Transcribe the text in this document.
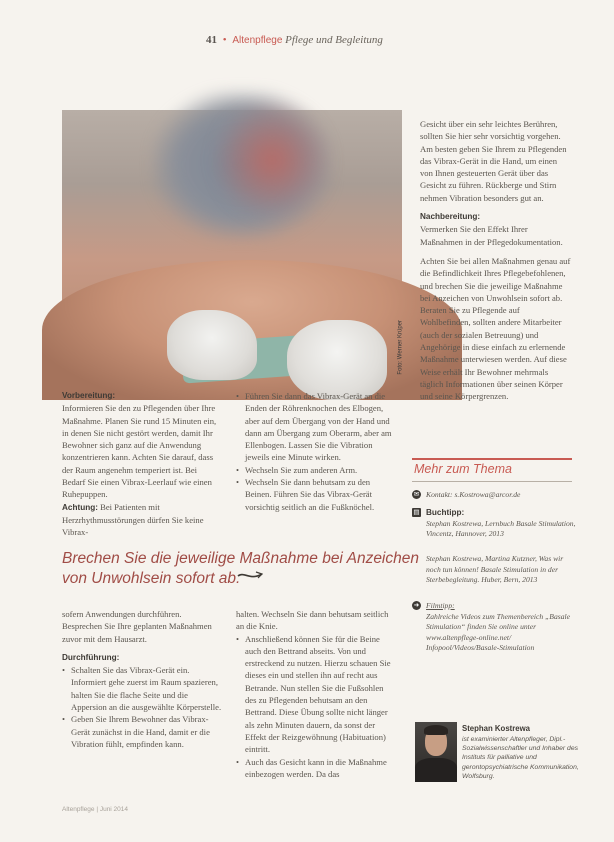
41 • Altenpflege Pflege und Begleitung
Foto: Werner Krüper

Gesicht über ein sehr leichtes Berühren, sollten Sie hier sehr vorsichtig vorgehen. Am besten geben Sie Ihrem zu Pflegenden das Vibrax-Gerät in die Hand, um einen von Ihnen gesteuerten Gerät über das Gesicht zu führen. Rückberge und Stirn nehmen Vibration besonders gut an.

Nachbereitung:

Vermerken Sie den Effekt Ihrer Maßnahmen in der Pflegedokumentation.

Achten Sie bei allen Maßnahmen genau auf die Befindlichkeit Ihres Pflegebefohlenen, und brechen Sie die jeweilige Maßnahme bei Anzeichen von Unwohlsein sofort ab. Beraten Sie zu Pflegende auf Wohlbefinden, sollten andere Mitarbeiter (auch der sozialen Betreuung) und Angehörige in diese einfach zu erlernende Maßnahme unterwiesen werden. Auf diese Weise erhält Ihr Bewohner mehrmals täglich Informationen über seinen Körper und seine Körpergrenzen.

Vorbereitung:

Informieren Sie den zu Pflegenden über Ihre Maßnahme. Planen Sie rund 15 Minuten ein, in denen Sie nicht gestört werden, damit Ihr Bewohner sich ganz auf die Anwendung konzentrieren kann. Achten Sie darauf, dass der Raum angenehm temperiert ist. Bei Bedarf Sie einen Vibrax-Leerlauf wie einen Ruhepuppen.

Achtung: Bei Patienten mit Herzrhythmusstörungen dürfen Sie keine Vibrax-
• Führen Sie dann das Vibrax-Gerät an die Enden der Röhrenknochen des Elbogen, aber auf dem Übergang von der Hand und dann am Übergang zum Oberarm, aber am Ellenbogen. Lassen Sie die Vibration jeweils eine Minute wirken.
• Wechseln Sie zum anderen Arm.
• Wechseln Sie dann behutsam zu den Beinen. Führen Sie das Vibrax-Gerät vorsichtig seitlich an die Fußknöchel.
Brechen Sie die jeweilige Maßnahme bei Anzeichen von Unwohlsein sofort ab.

sofern Anwendungen durchführen. Besprechen Sie Ihre geplanten Maßnahmen zuvor mit dem Hausarzt.

Durchführung:
• Schalten Sie das Vibrax-Gerät ein. Informiert gehe zuerst im Raum spazieren, halten Sie die flache Seite und die Appersion an die ausgewählte Körperstelle.
• Geben Sie Ihrem Bewohner das Vibrax-Gerät zunächst in die Hand, damit er die Vibration fühlt, empfinden kann.

halten. Wechseln Sie dann behutsam seitlich an die Knie.

• Anschließend können Sie für die Beine auch den Bettrand abseits. Von und erstreckend zu nutzen. Hierzu schauen Sie dieses ein und stellen ihn auf recht aus Betrande. Nun stellen Sie die Fußsohlen des zu Pflegenden behutsam an den Bettrand. Diese Übung sollte nicht länger als zehn Minuten dauern, da sonst der Effekt der Reizgewöhnung (Habituation) eintritt.
• Auch das Gesicht kann in die Maßnahme einbezogen werden. Da das
Mehr zum Thema
✉ Kontakt: s.Kostrowa@arcor.de
▤ Buchtipp:
Stephan Kostrewa, Lernbuch Basale Stimulation, Vincentz, Hannover, 2013
Stephan Kostrewa, Martina Kutzner, Was wir noch tun können! Basale Stimulation in der Sterbebegleitung. Huber, Bern, 2013
➜ Filmtipp:
Zahlreiche Videos zum Themenbereich „Basale Stimulation“ finden Sie online unter www.altenpflege-online.net/ Infopool/Videos/Basale-Stimulation
Stephan Kostrewa
ist examinierter Altenpfleger, Dipl.-Sozialwissenschaftler und Inhaber des Instituts für palliative und gerontopsychiatrische Kommunikation, Wolfsburg.
Altenpflege | Juni 2014
